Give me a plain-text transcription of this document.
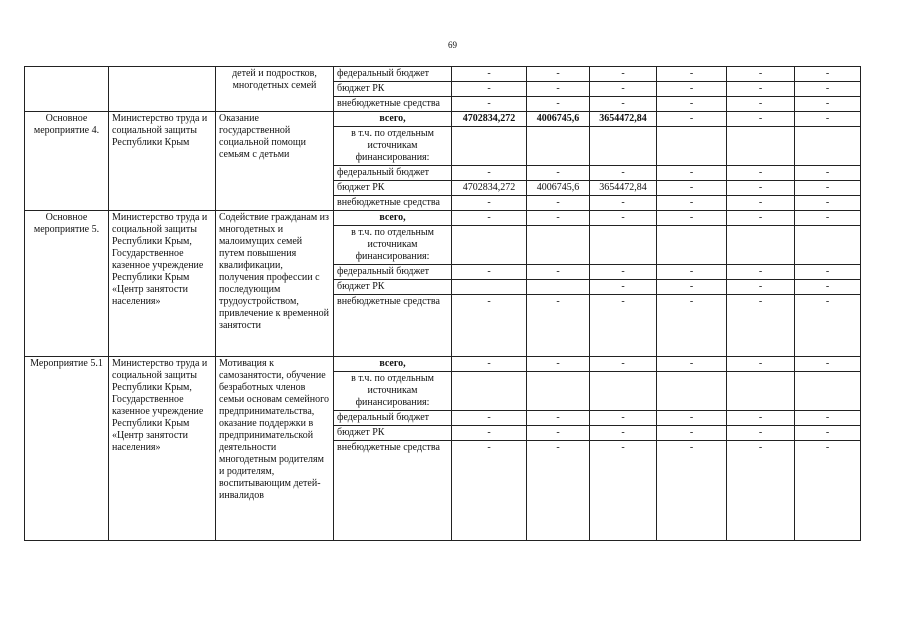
69
		детей и подростков, многодетных семей	федеральный бюджет	-	-	-	-	-	-
			бюджет РК	-	-	-	-	-	-
			внебюджетные средства	-	-	-	-	-	-
Основное мероприятие 4.	Министерство труда и социальной защиты Республики Крым	Оказание государственной социальной помощи семьям с детьми	всего,	4702834,272	4006745,6	3654472,84	-	-	-
			в т.ч. по отдельным источникам финансирования:						
			федеральный бюджет	-	-	-	-	-	-
			бюджет РК	4702834,272	4006745,6	3654472,84	-	-	-
			внебюджетные средства	-	-	-	-	-	-
Основное мероприятие 5.	Министерство труда и социальной защиты Республики Крым, Государственное казенное учреждение Республики Крым «Центр занятости населения»	Содействие гражданам из многодетных и малоимущих семей путем повышения квалификации, получения профессии с последующим трудоустройством, привлечение к временной занятости	всего,	-	-	-	-	-	-
			в т.ч. по отдельным источникам финансирования:						
			федеральный бюджет	-	-	-	-	-	-
			бюджет РК			-	-	-	-
			внебюджетные средства	-	-	-	-	-	-
Мероприятие 5.1	Министерство труда и социальной защиты Республики Крым, Государственное казенное учреждение Республики Крым «Центр занятости населения»	Мотивация к самозанятости, обучение безработных членов семьи основам семейного предпринимательства, оказание поддержки в предпринимательской деятельности многодетным родителям и родителям, воспитывающим детей-инвалидов	всего,	-	-	-	-	-	-
			в т.ч. по отдельным источникам финансирования:						
			федеральный бюджет	-	-	-	-	-	-
			бюджет РК	-	-	-	-	-	-
			внебюджетные средства	-	-	-	-	-	-
